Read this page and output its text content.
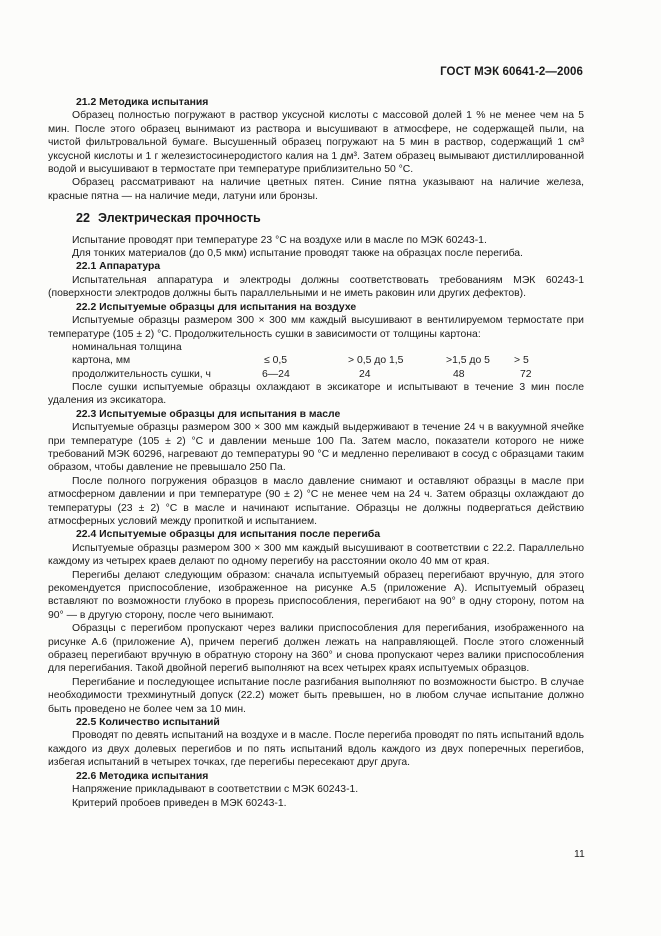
ГОСТ МЭК 60641-2—2006

21.2 Методика испытания

Образец полностью погружают в раствор уксусной кислоты с массовой долей 1 % не менее чем на 5 мин. После этого образец вынимают из раствора и высушивают в атмосфере, не содержащей пыли, на чистой фильтровальной бумаге. Высушенный образец погружают на 5 мин в раствор, содержащий 1 см³ уксусной кислоты и 1 г железистосинеродистого калия на 1 дм³. Затем образец вымывают дистиллированной водой и высушивают в термостате при температуре приблизительно 50 °С.

Образец рассматривают на наличие цветных пятен. Синие пятна указывают на наличие железа, красные пятна — на наличие меди, латуни или бронзы.

22 Электрическая прочность

Испытание проводят при температуре 23 °С на воздухе или в масле по МЭК 60243-1.

Для тонких материалов (до 0,5 мкм) испытание проводят также на образцах после перегиба.

22.1 Аппаратура

Испытательная аппаратура и электроды должны соответствовать требованиям МЭК 60243-1 (поверхности электродов должны быть параллельными и не иметь раковин или других дефектов).

22.2 Испытуемые образцы для испытания на воздухе

Испытуемые образцы размером 300 × 300 мм каждый высушивают в вентилируемом термостате при температуре (105 ± 2) °С. Продолжительность сушки в зависимости от толщины картона:

номинальная толщина
картона, мм	≤ 0,5	> 0,5 до 1,5	>1,5 до 5 > 5
продолжительность сушки, ч	6—24	24	48	72

После сушки испытуемые образцы охлаждают в эксикаторе и испытывают в течение 3 мин после удаления из эксикатора.

22.3 Испытуемые образцы для испытания в масле

Испытуемые образцы размером 300 × 300 мм каждый выдерживают в течение 24 ч в вакуумной ячейке при температуре (105 ± 2) °С и давлении меньше 100 Па. Затем масло, показатели которого не ниже требований МЭК 60296, нагревают до температуры 90 °С и медленно переливают в сосуд с образцами таким образом, чтобы давление не превышало 250 Па.

После полного погружения образцов в масло давление снимают и оставляют образцы в масле при атмосферном давлении и при температуре (90 ± 2) °С не менее чем на 24 ч. Затем образцы охлаждают до температуры (23 ± 2) °С в масле и начинают испытание. Образцы не должны подвергаться действию атмосферных условий между пропиткой и испытанием.

22.4 Испытуемые образцы для испытания после перегиба

Испытуемые образцы размером 300 × 300 мм каждый высушивают в соответствии с 22.2. Параллельно каждому из четырех краев делают по одному перегибу на расстоянии около 40 мм от края.

Перегибы делают следующим образом: сначала испытуемый образец перегибают вручную, для этого рекомендуется приспособление, изображенное на рисунке А.5 (приложение А). Испытуемый образец вставляют по возможности глубоко в прорезь приспособления, перегибают на 90° в одну сторону, потом на 90° — в другую сторону, после чего вынимают.

Образцы с перегибом пропускают через валики приспособления для перегибания, изображенного на рисунке А.6 (приложение А), причем перегиб должен лежать на направляющей. После этого сложенный образец перегибают вручную в обратную сторону на 360° и снова пропускают через валики приспособления для перегибания. Такой двойной перегиб выполняют на всех четырех краях испытуемых образцов.

Перегибание и последующее испытание после разгибания выполняют по возможности быстро. В случае необходимости трехминутный допуск (22.2) может быть превышен, но в любом случае испытание должно быть проведено не более чем за 10 мин.

22.5 Количество испытаний

Проводят по девять испытаний на воздухе и в масле. После перегиба проводят по пять испытаний вдоль каждого из двух долевых перегибов и по пять испытаний вдоль каждого из двух поперечных перегибов, избегая испытаний в четырех точках, где перегибы пересекают друг друга.

22.6 Методика испытания

Напряжение прикладывают в соответствии с МЭК 60243-1.

Критерий пробоев приведен в МЭК 60243-1.

11
